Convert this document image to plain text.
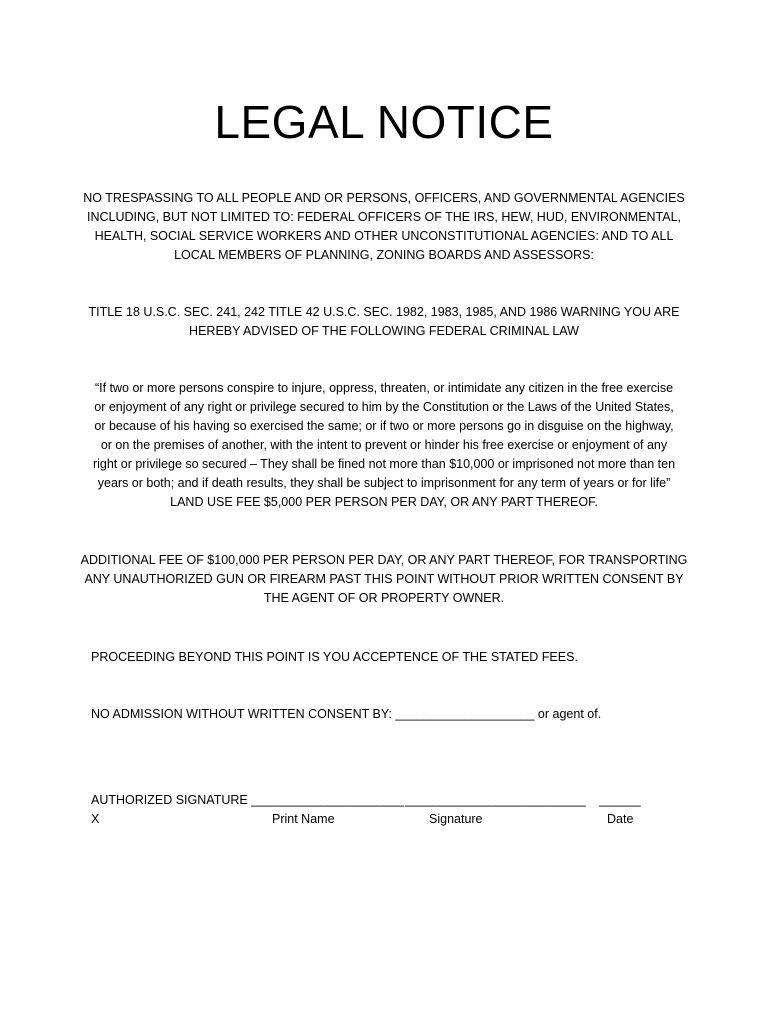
LEGAL NOTICE
NO TRESPASSING TO ALL PEOPLE AND OR PERSONS, OFFICERS, AND GOVERNMENTAL AGENCIES INCLUDING, BUT NOT LIMITED TO: FEDERAL OFFICERS OF THE IRS, HEW, HUD, ENVIRONMENTAL, HEALTH, SOCIAL SERVICE WORKERS AND OTHER UNCONSTITUTIONAL AGENCIES: AND TO ALL LOCAL MEMBERS OF PLANNING, ZONING BOARDS AND ASSESSORS:
TITLE 18 U.S.C. SEC. 241, 242 TITLE 42 U.S.C. SEC. 1982, 1983, 1985, AND 1986 WARNING YOU ARE HEREBY ADVISED OF THE FOLLOWING FEDERAL CRIMINAL LAW
“If two or more persons conspire to injure, oppress, threaten, or intimidate any citizen in the free exercise or enjoyment of any right or privilege secured to him by the Constitution or the Laws of the United States, or because of his having so exercised the same; or if two or more persons go in disguise on the highway, or on the premises of another, with the intent to prevent or hinder his free exercise or enjoyment of any right or privilege so secured – They shall be fined not more than $10,000 or imprisoned not more than ten years or both; and if death results, they shall be subject to imprisonment for any term of years or for life” LAND USE FEE $5,000 PER PERSON PER DAY, OR ANY PART THEREOF.
ADDITIONAL FEE OF $100,000 PER PERSON PER DAY, OR ANY PART THEREOF, FOR TRANSPORTING ANY UNAUTHORIZED GUN OR FIREARM PAST THIS POINT WITHOUT PRIOR WRITTEN CONSENT BY THE AGENT OF OR PROPERTY OWNER.
PROCEEDING BEYOND THIS POINT IS YOU ACCEPTENCE OF THE STATED FEES.
NO ADMISSION WITHOUT WRITTEN CONSENT BY: ____________________ or agent of.
AUTHORIZED SIGNATURE ______________________ __________________________ ______
X	Print Name	Signature	Date
